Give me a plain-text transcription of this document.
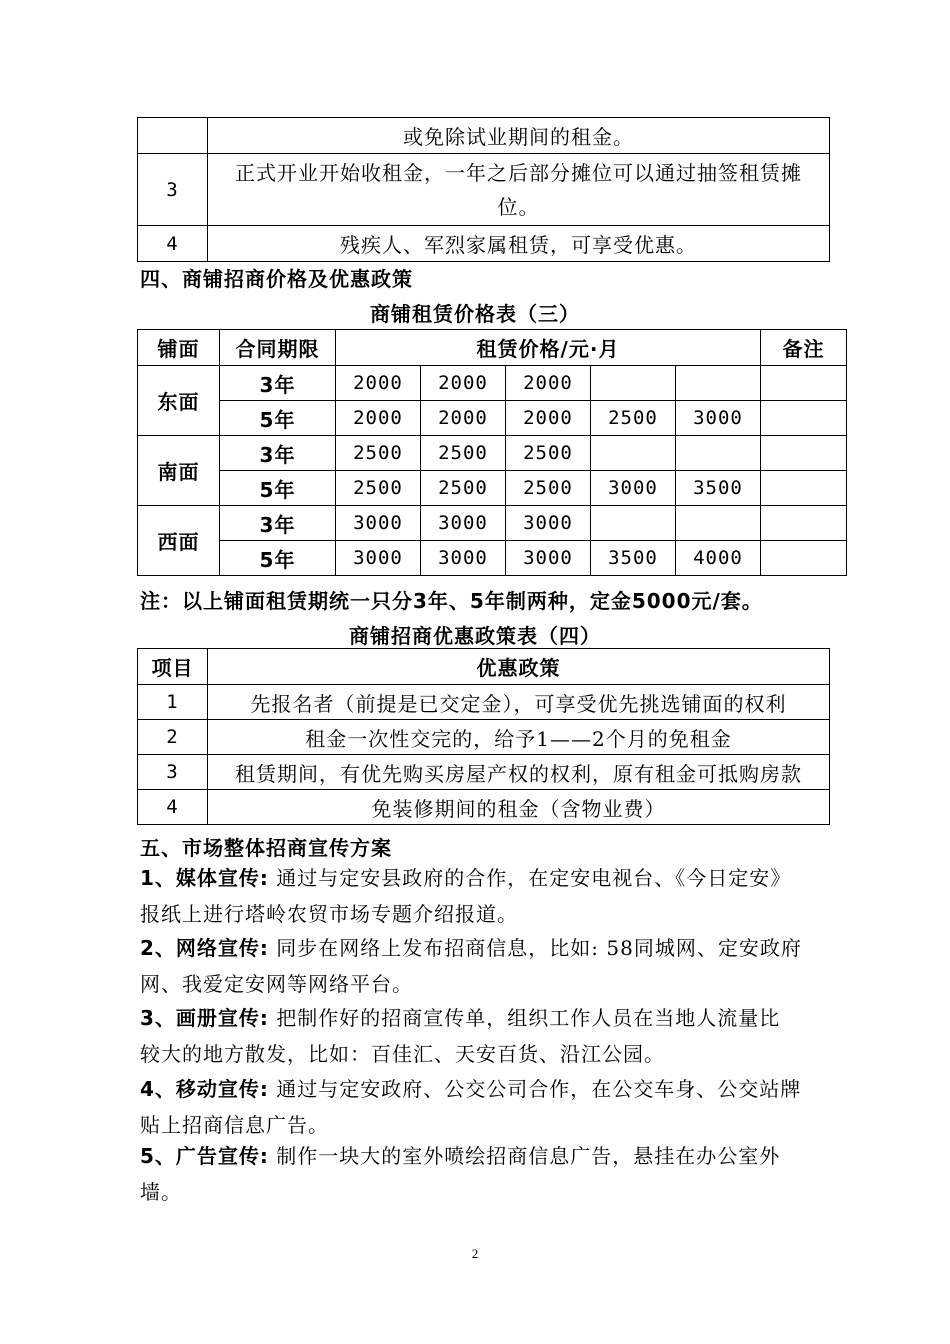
	或免除试业期间的租金。
3	正式开业开始收租金，一年之后部分摊位可以通过抽签租赁摊
位。

4	残疾人、军烈家属租赁，可享受优惠。
四、商铺招商价格及优惠政策
商铺租赁价格表（三）
铺面	合同期限	租赁价格/元·月					备注
东面	3年	2000	2000	2000			
	5年	2000	2000	2000	2500	3000	
南面	3年	2500	2500	2500			
	5年	2500	2500	2500	3000	3500	
西面	3年	3000	3000	3000			
	5年	3000	3000	3000	3500	4000	
注：以上铺面租赁期统一只分3年、5年制两种，定金5000元/套。
商铺招商优惠政策表（四）
项目	优惠政策
1	先报名者（前提是已交定金），可享受优先挑选铺面的权利
2	租金一次性交完的，给予1——2个月的免租金
3	租赁期间，有优先购买房屋产权的权利，原有租金可抵购房款
4	免装修期间的租金（含物业费）
五、市场整体招商宣传方案
1、媒体宣传: 通过与定安县政府的合作，在定安电视台、《今日定安》
报纸上进行塔岭农贸市场专题介绍报道。
2、网络宣传: 同步在网络上发布招商信息，比如: 58同城网、定安政府
网、我爱定安网等网络平台。
3、画册宣传: 把制作好的招商宣传单，组织工作人员在当地人流量比
较大的地方散发，比如：百佳汇、天安百货、沿江公园。
4、移动宣传: 通过与定安政府、公交公司合作，在公交车身、公交站牌
贴上招商信息广告。
5、广告宣传: 制作一块大的室外喷绘招商信息广告，悬挂在办公室外
墙。
2
